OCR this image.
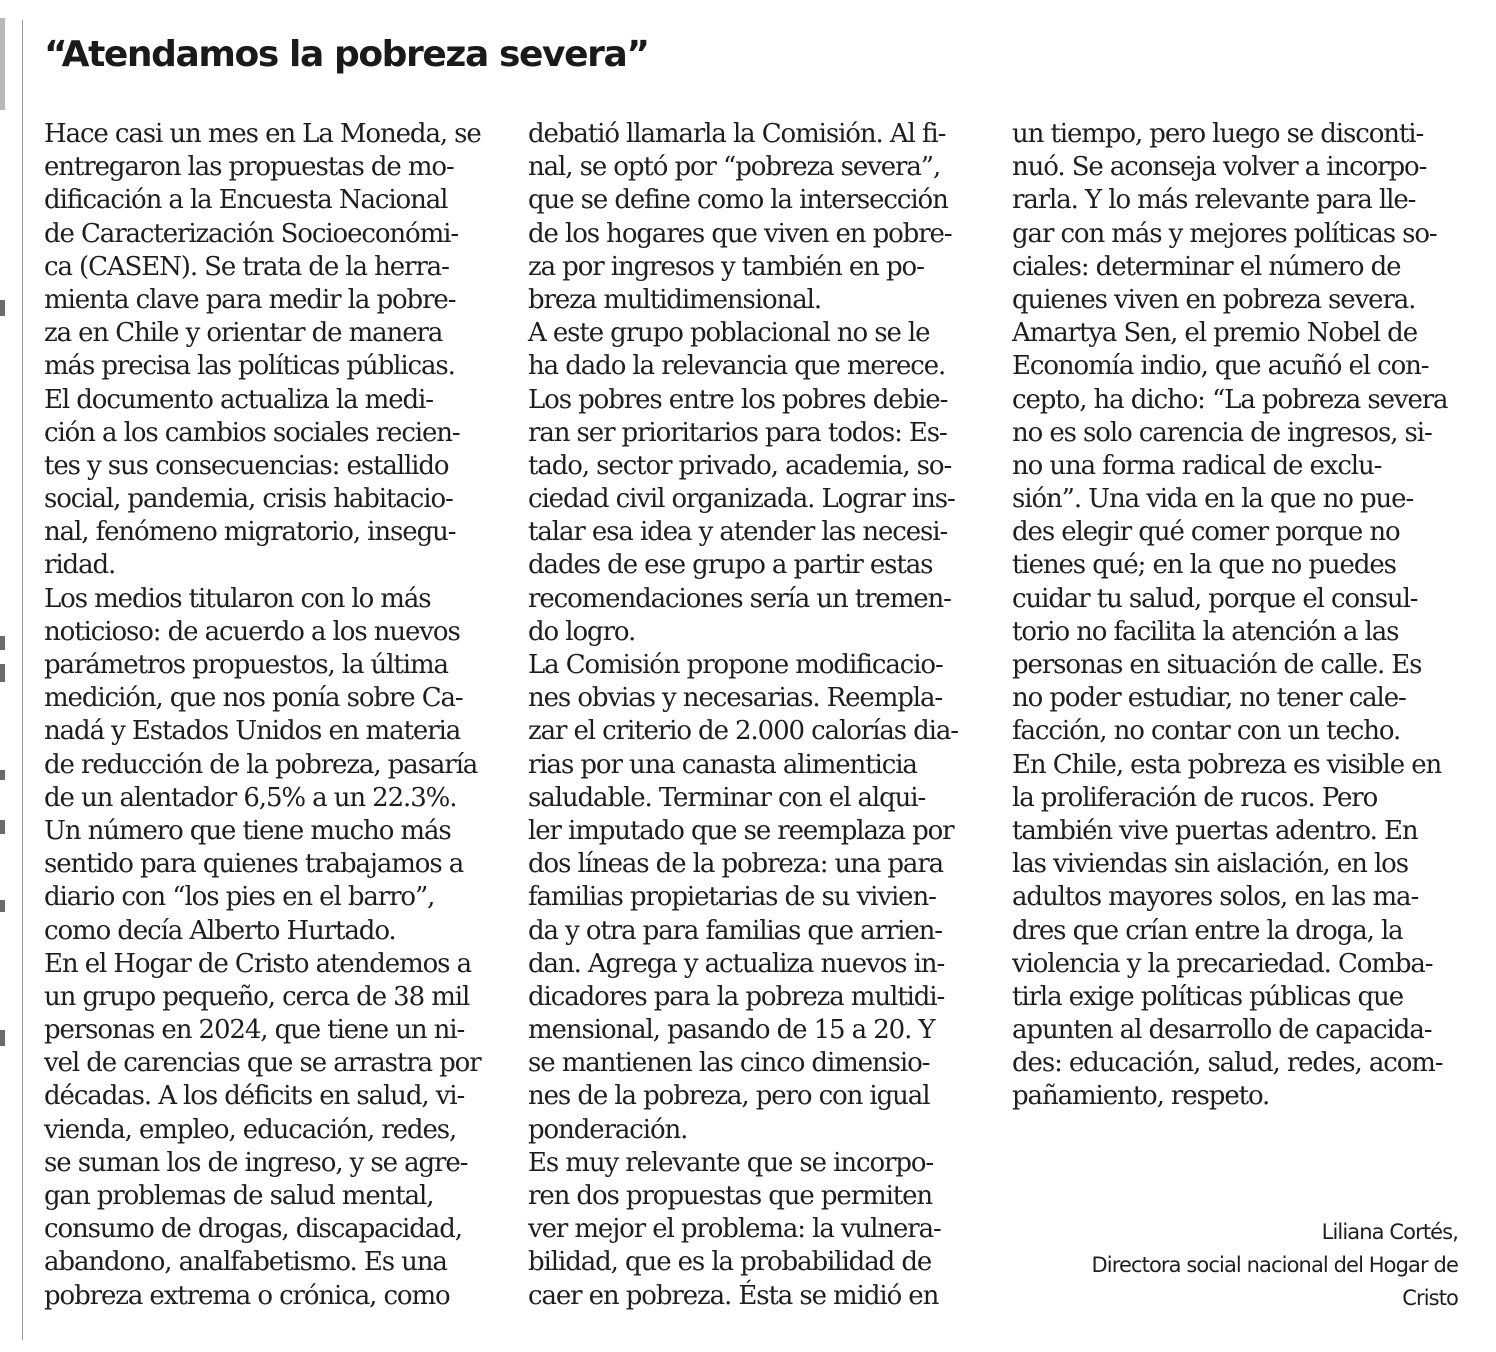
“Atendamos la pobreza severa”
Hace casi un mes en La Moneda, se
entregaron las propuestas de mo-
dificación a la Encuesta Nacional
de Caracterización Socioeconómi-
ca (CASEN). Se trata de la herra-
mienta clave para medir la pobre-
za en Chile y orientar de manera
más precisa las políticas públicas.
El documento actualiza la medi-
ción a los cambios sociales recien-
tes y sus consecuencias: estallido
social, pandemia, crisis habitacio-
nal, fenómeno migratorio, insegu-
ridad.
Los medios titularon con lo más
noticioso: de acuerdo a los nuevos
parámetros propuestos, la última
medición, que nos ponía sobre Ca-
nadá y Estados Unidos en materia
de reducción de la pobreza, pasaría
de un alentador 6,5% a un 22.3%.
Un número que tiene mucho más
sentido para quienes trabajamos a
diario con “los pies en el barro”,
como decía Alberto Hurtado.
En el Hogar de Cristo atendemos a
un grupo pequeño, cerca de 38 mil
personas en 2024, que tiene un ni-
vel de carencias que se arrastra por
décadas. A los déficits en salud, vi-
vienda, empleo, educación, redes,
se suman los de ingreso, y se agre-
gan problemas de salud mental,
consumo de drogas, discapacidad,
abandono, analfabetismo. Es una
pobreza extrema o crónica, como
debatió llamarla la Comisión. Al fi-
nal, se optó por “pobreza severa”,
que se define como la intersección
de los hogares que viven en pobre-
za por ingresos y también en po-
breza multidimensional.
A este grupo poblacional no se le
ha dado la relevancia que merece.
Los pobres entre los pobres debie-
ran ser prioritarios para todos: Es-
tado, sector privado, academia, so-
ciedad civil organizada. Lograr ins-
talar esa idea y atender las necesi-
dades de ese grupo a partir estas
recomendaciones sería un tremen-
do logro.
La Comisión propone modificacio-
nes obvias y necesarias. Reempla-
zar el criterio de 2.000 calorías dia-
rias por una canasta alimenticia
saludable. Terminar con el alqui-
ler imputado que se reemplaza por
dos líneas de la pobreza: una para
familias propietarias de su vivien-
da y otra para familias que arrien-
dan. Agrega y actualiza nuevos in-
dicadores para la pobreza multidi-
mensional, pasando de 15 a 20. Y
se mantienen las cinco dimensio-
nes de la pobreza, pero con igual
ponderación.
Es muy relevante que se incorpo-
ren dos propuestas que permiten
ver mejor el problema: la vulnera-
bilidad, que es la probabilidad de
caer en pobreza. Ésta se midió en
un tiempo, pero luego se disconti-
nuó. Se aconseja volver a incorpo-
rarla. Y lo más relevante para lle-
gar con más y mejores políticas so-
ciales: determinar el número de
quienes viven en pobreza severa.
Amartya Sen, el premio Nobel de
Economía indio, que acuñó el con-
cepto, ha dicho: “La pobreza severa
no es solo carencia de ingresos, si-
no una forma radical de exclu-
sión”. Una vida en la que no pue-
des elegir qué comer porque no
tienes qué; en la que no puedes
cuidar tu salud, porque el consul-
torio no facilita la atención a las
personas en situación de calle. Es
no poder estudiar, no tener cale-
facción, no contar con un techo.
En Chile, esta pobreza es visible en
la proliferación de rucos. Pero
también vive puertas adentro. En
las viviendas sin aislación, en los
adultos mayores solos, en las ma-
dres que crían entre la droga, la
violencia y la precariedad. Comba-
tirla exige políticas públicas que
apunten al desarrollo de capacida-
des: educación, salud, redes, acom-
pañamiento, respeto.
Liliana Cortés,
Directora social nacional del Hogar de
Cristo
